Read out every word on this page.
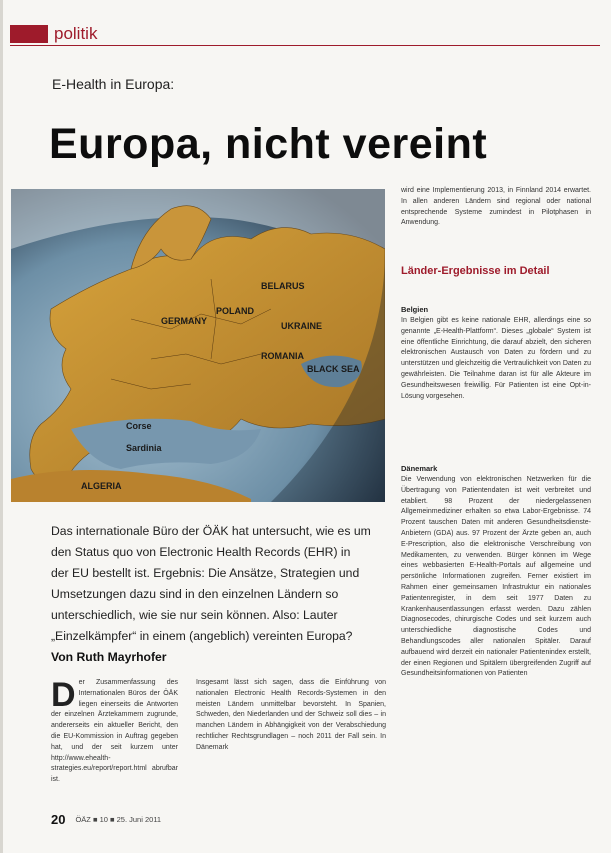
politik
E-Health in Europa:
Europa, nicht vereint
BLACK SEA
Corse
Sardinia
ALGERIA
UKRAINE
BELARUS
POLAND
ROMANIA
GERMANY
Das internationale Büro der ÖÄK hat untersucht, wie es um den Status quo von Electronic Health Records (EHR) in der EU bestellt ist. Ergebnis: Die Ansätze, Strategien und Umsetzungen dazu sind in den einzelnen Ländern so unterschiedlich, wie sie nur sein können. Also: Lauter „Einzelkämpfer“ in einem (angeblich) vereinten Europa? Von Ruth Mayrhofer
D er Zusammenfassung des Internationalen Büros der ÖÄK liegen einerseits die Antworten der einzelnen Ärztekammern zugrunde, andererseits ein aktueller Bericht, den die EU-Kommission in Auftrag gegeben hat, und der seit kurzem unter http://www.ehealth-strategies.eu/report/report.html abrufbar ist.
Insgesamt lässt sich sagen, dass die Einführung von nationalen Electronic Health Records-Systemen in den meisten Ländern unmittelbar bevorsteht. In Spanien, Schweden, den Niederlanden und der Schweiz soll dies – in manchen Ländern in Abhängigkeit von der Verabschiedung rechtlicher Rechtsgrundlagen – noch 2011 der Fall sein. In Dänemark
wird eine Implementierung 2013, in Finnland 2014 erwartet. In allen anderen Ländern sind regional oder national entsprechende Systeme zumindest in Pilotphasen in Anwendung.
Länder-Ergebnisse im Detail
Belgien
In Belgien gibt es keine nationale EHR, allerdings eine so genannte „E-Health-Plattform“. Dieses „globale“ System ist eine öffentliche Einrichtung, die darauf abzielt, den sicheren elektronischen Austausch von Daten zu fördern und zu unterstützen und gleichzeitig die Vertraulichkeit von Daten zu gewährleisten. Die Teilnahme daran ist für alle Akteure im Gesundheitswesen freiwillig. Für Patienten ist eine Opt-in-Lösung vorgesehen.
Dänemark
Die Verwendung von elektronischen Netzwerken für die Übertragung von Patientendaten ist weit verbreitet und etabliert. 98 Prozent der niedergelassenen Allgemeinmediziner erhalten so etwa Labor-Ergebnisse. 74 Prozent tauschen Daten mit anderen Gesundheitsdienste-Anbietern (GDA) aus. 97 Prozent der Ärzte geben an, auch E-Prescription, also die elektronische Verschreibung von Medikamenten, zu verwenden. Bürger können im Wege eines webbasierten E-Health-Portals auf allgemeine und persönliche Informationen zugreifen. Ferner existiert im Rahmen einer gemeinsamen Infrastruktur ein nationales Patientenregister, in dem seit 1977 Daten zu Krankenhausentlassungen erfasst werden. Dazu zählen Diagnosecodes, chirurgische Codes und seit kurzem auch unterschiedliche diagnostische Codes und Behandlungscodes aller nationalen Spitäler. Darauf aufbauend wird derzeit ein nationaler Patientenindex erstellt, der einen Regionen und Spitälern übergreifenden Zugriff auf Gesundheitsinformationen von Patienten
20 ÖÄZ ■ 10 ■ 25. Juni 2011
